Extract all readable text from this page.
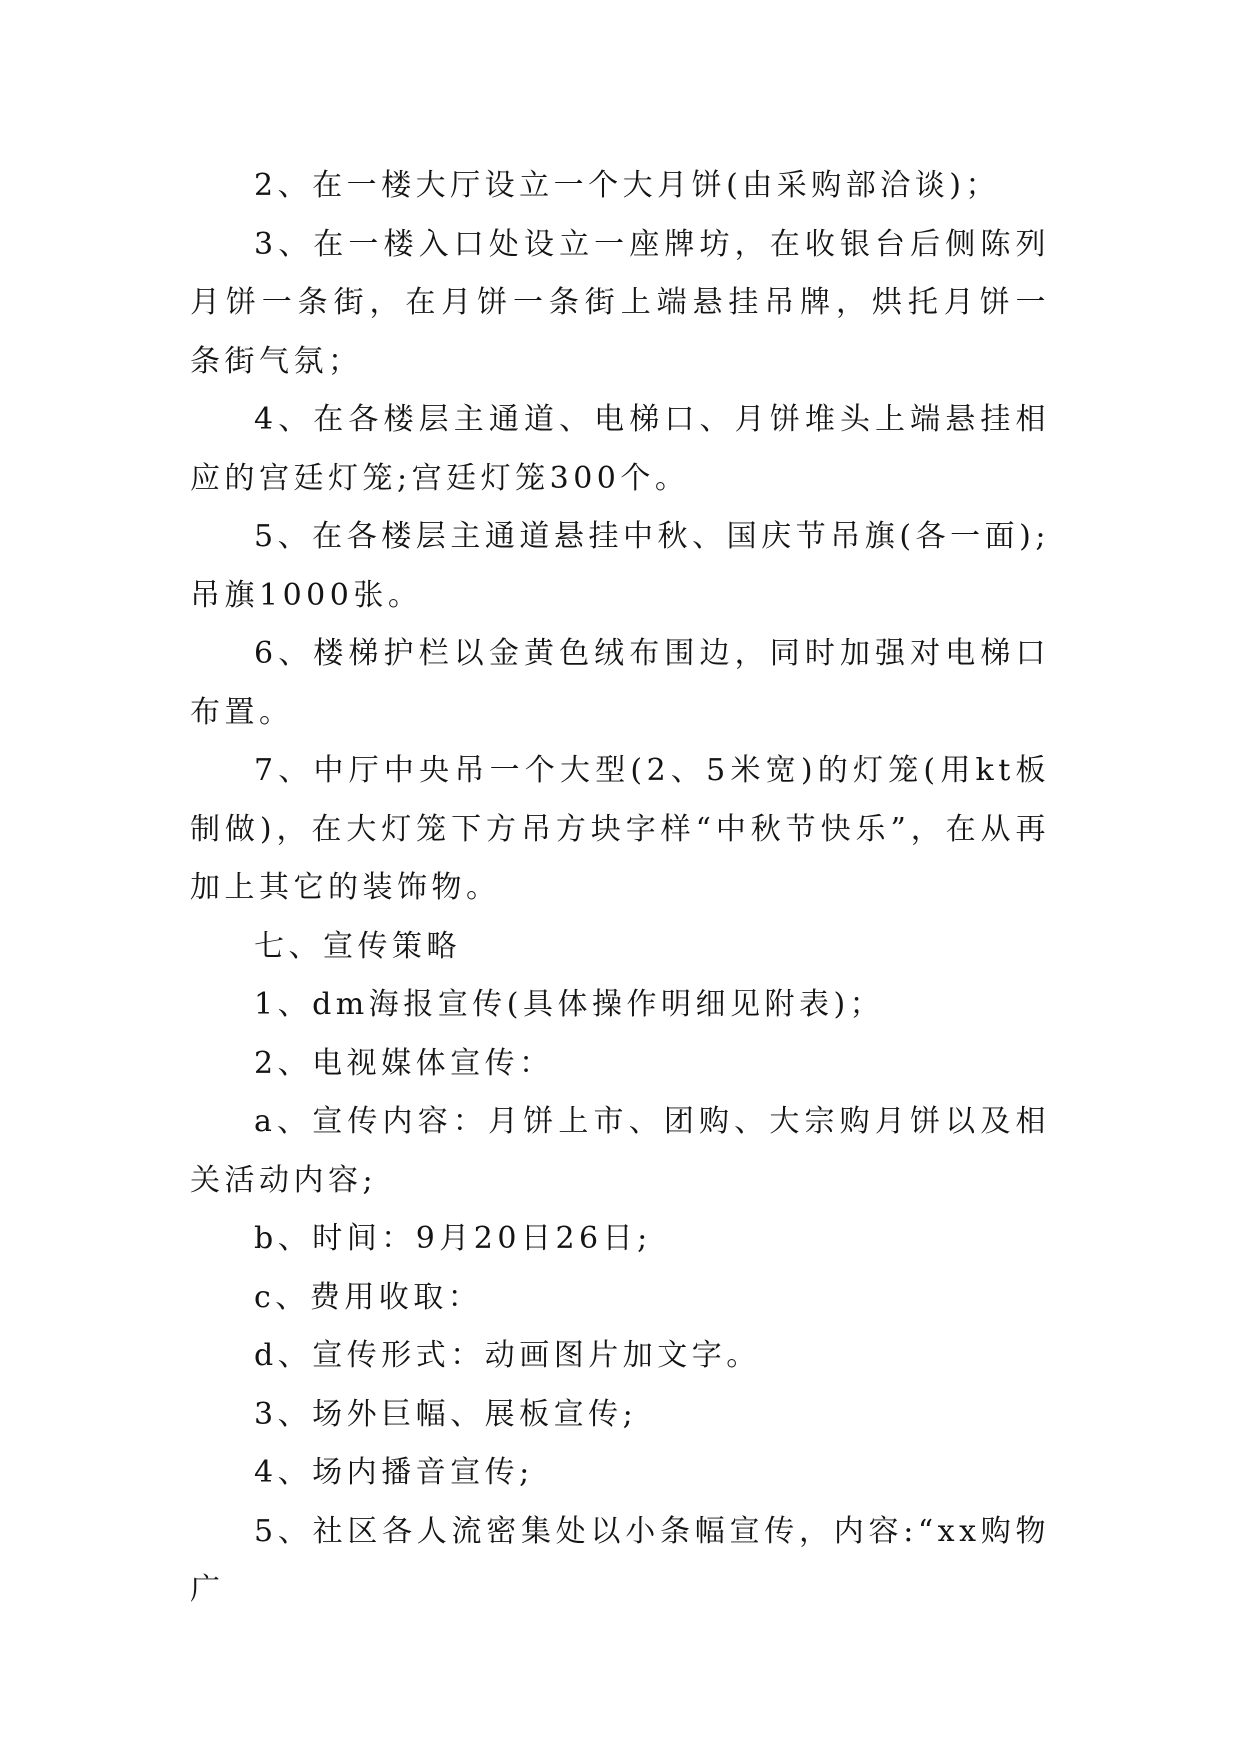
2、在一楼大厅设立一个大月饼(由采购部洽谈)；

3、在一楼入口处设立一座牌坊，在收银台后侧陈列月饼一条街，在月饼一条街上端悬挂吊牌，烘托月饼一条街气氛；

4、在各楼层主通道、电梯口、月饼堆头上端悬挂相应的宫廷灯笼;宫廷灯笼300个。

5、在各楼层主通道悬挂中秋、国庆节吊旗(各一面);吊旗1000张。

6、楼梯护栏以金黄色绒布围边，同时加强对电梯口布置。

7、中厅中央吊一个大型(2、5米宽)的灯笼(用kt板制做)，在大灯笼下方吊方块字样“中秋节快乐”，在从再加上其它的装饰物。

七、宣传策略

1、dm海报宣传(具体操作明细见附表)；

2、电视媒体宣传：

a、宣传内容：月饼上市、团购、大宗购月饼以及相关活动内容;

b、时间：9月20日26日;

c、费用收取：

d、宣传形式：动画图片加文字。

3、场外巨幅、展板宣传;

4、场内播音宣传;

5、社区各人流密集处以小条幅宣传，内容:“xx购物广
